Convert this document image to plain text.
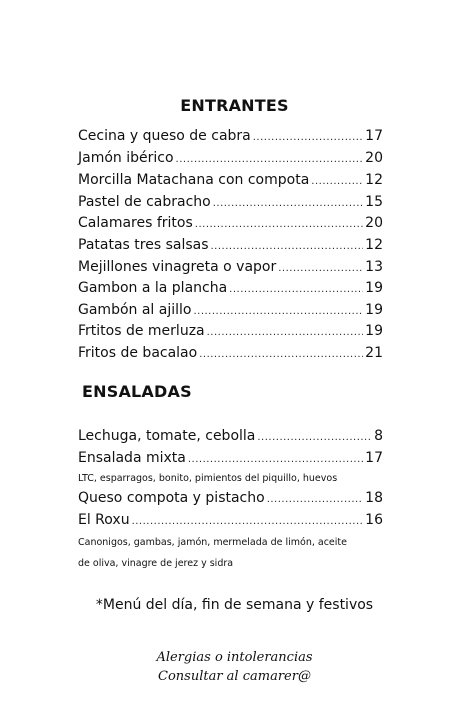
ENTRANTES
Cecina y queso de cabra .....	17
Jamón ibérico .....	20
Morcilla Matachana con compota .....	12
Pastel de cabracho .....	15
Calamares fritos .....	20
Patatas tres salsas .....	12
Mejillones vinagreta o vapor .....	13
Gambon a la plancha .....	19
Gambón al ajillo .....	19
Frtitos de merluza .....	19
Fritos de bacalao .....	21
ENSALADAS
Lechuga, tomate, cebolla .....	8
Ensalada mixta .....	17
LTC, esparragos, bonito, pimientos del piquillo, huevos
Queso compota y pistacho .....	18
El Roxu .....	16
Canonigos, gambas, jamón, mermelada de limón, aceite
de oliva, vinagre de jerez y sidra
*Menú del día, fin de semana y festivos
Alergias o intolerancias
Consultar al camarer@
